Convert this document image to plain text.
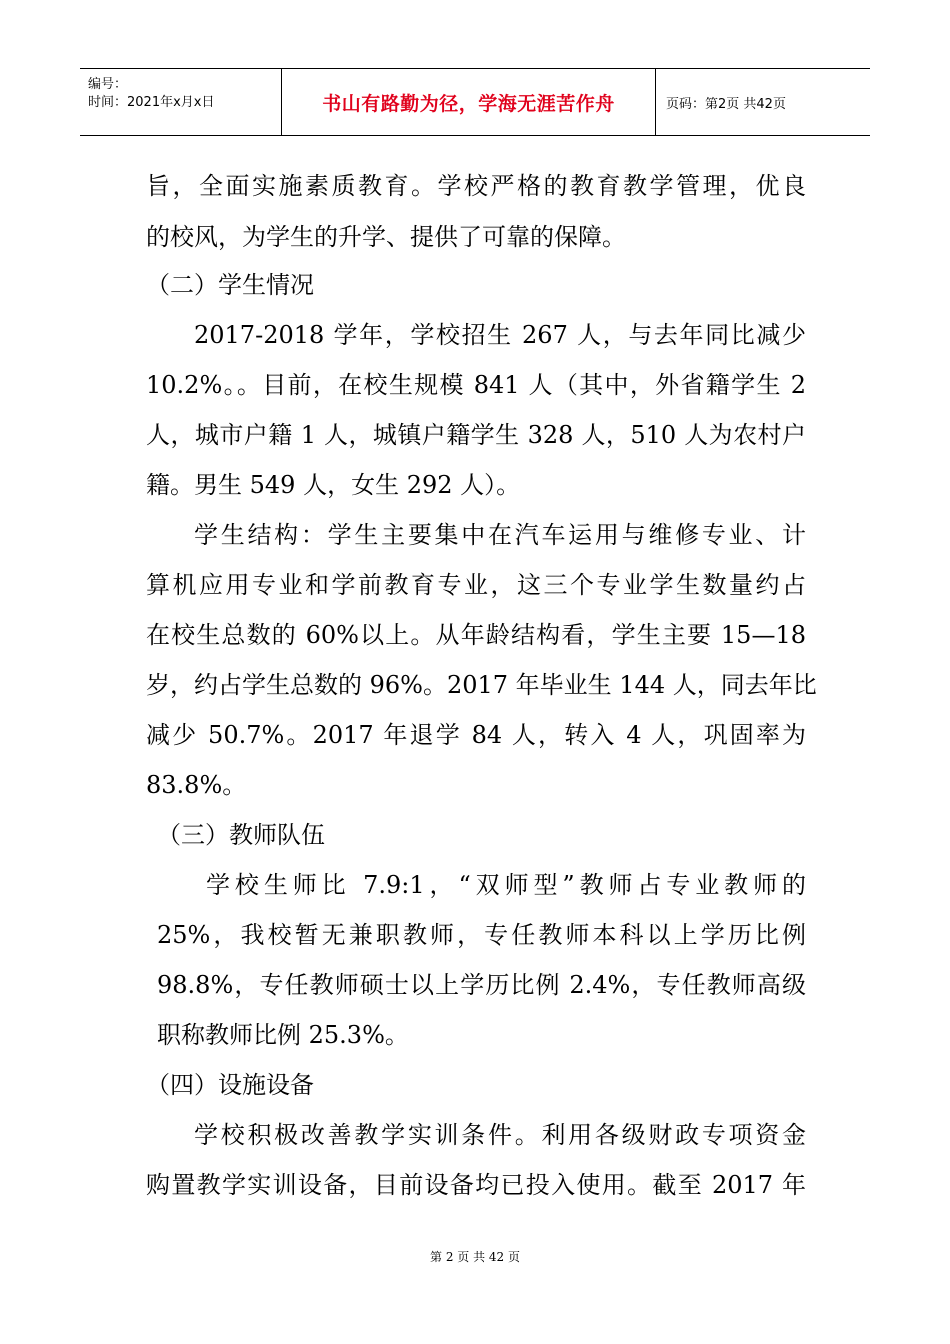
编号：
时间：2021年x月x日	书山有路勤为径，学海无涯苦作舟	页码：第2页 共42页
旨，全面实施素质教育。学校严格的教育教学管理，优良
的校风，为学生的升学、提供了可靠的保障。
（二）学生情况
2017-2018 学年，学校招生 267 人，与去年同比减少
10.2%。。目前，在校生规模 841 人（其中，外省籍学生 2
人，城市户籍 1 人，城镇户籍学生 328 人，510 人为农村户
籍。男生 549 人，女生 292 人）。
学生结构：学生主要集中在汽车运用与维修专业、计
算机应用专业和学前教育专业，这三个专业学生数量约占
在校生总数的 60%以上。从年龄结构看，学生主要 15—18
岁，约占学生总数的 96%。2017 年毕业生 144 人，同去年比
减少 50.7%。2017 年退学 84 人，转入 4 人，巩固率为
83.8%。
（三）教师队伍
学校生师比 7.9:1，“双师型”教师占专业教师的
25%，我校暂无兼职教师，专任教师本科以上学历比例
98.8%，专任教师硕士以上学历比例 2.4%，专任教师高级
职称教师比例 25.3%。
（四）设施设备
学校积极改善教学实训条件。利用各级财政专项资金
购置教学实训设备，目前设备均已投入使用。截至 2017 年
第 2 页 共 42 页
